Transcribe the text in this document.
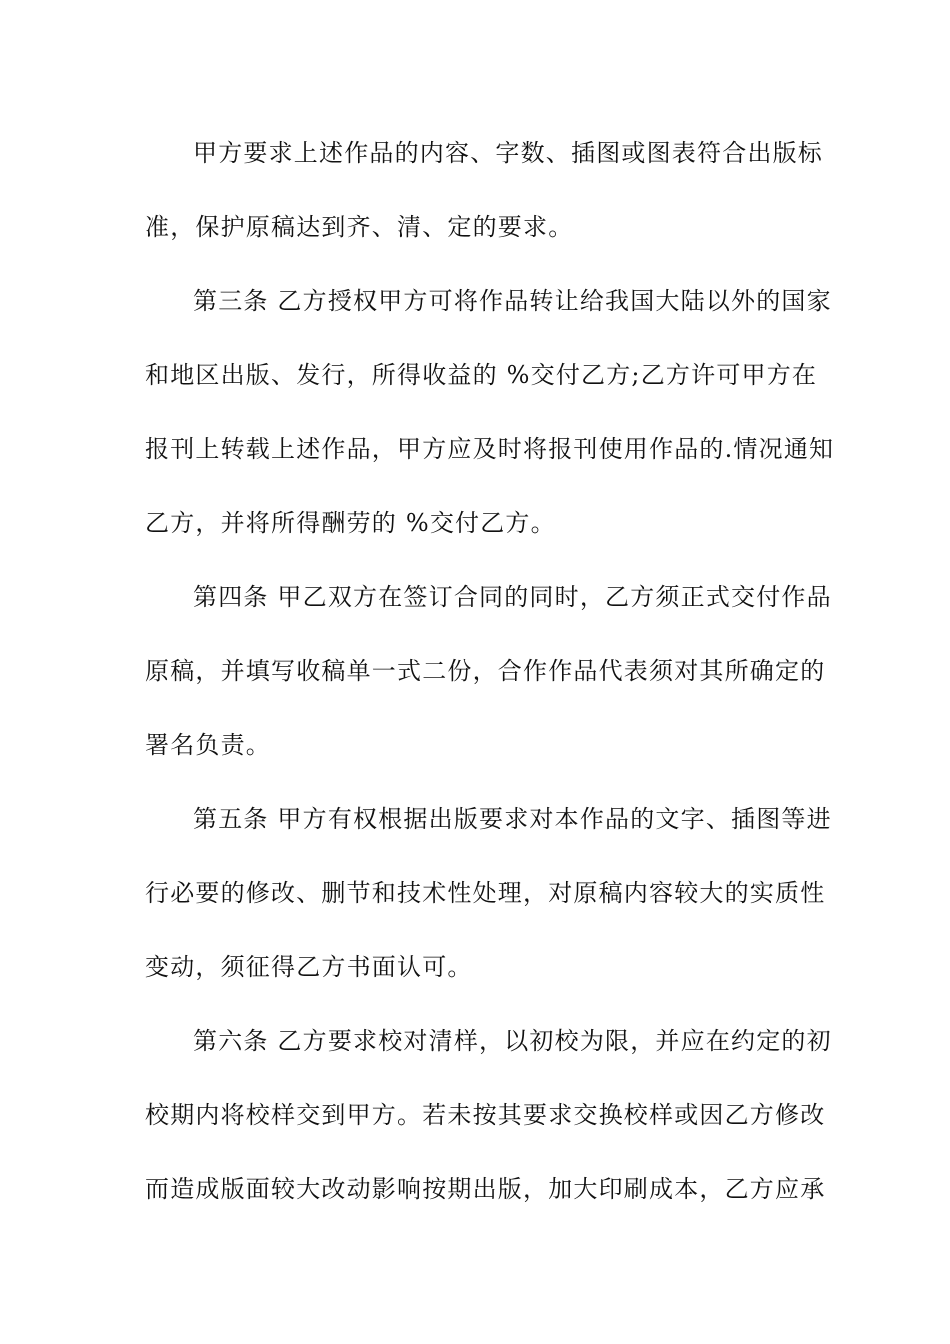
甲方要求上述作品的内容、字数、插图或图表符合出版标
准，保护原稿达到齐、清、定的要求。
第三条 乙方授权甲方可将作品转让给我国大陆以外的国家
和地区出版、发行，所得收益的 %交付乙方;乙方许可甲方在
报刊上转载上述作品，甲方应及时将报刊使用作品的.情况通知
乙方，并将所得酬劳的 %交付乙方。
第四条 甲乙双方在签订合同的同时，乙方须正式交付作品
原稿，并填写收稿单一式二份，合作作品代表须对其所确定的
署名负责。
第五条 甲方有权根据出版要求对本作品的文字、插图等进
行必要的修改、删节和技术性处理，对原稿内容较大的实质性
变动，须征得乙方书面认可。
第六条 乙方要求校对清样，以初校为限，并应在约定的初
校期内将校样交到甲方。若未按其要求交换校样或因乙方修改
而造成版面较大改动影响按期出版，加大印刷成本，乙方应承
